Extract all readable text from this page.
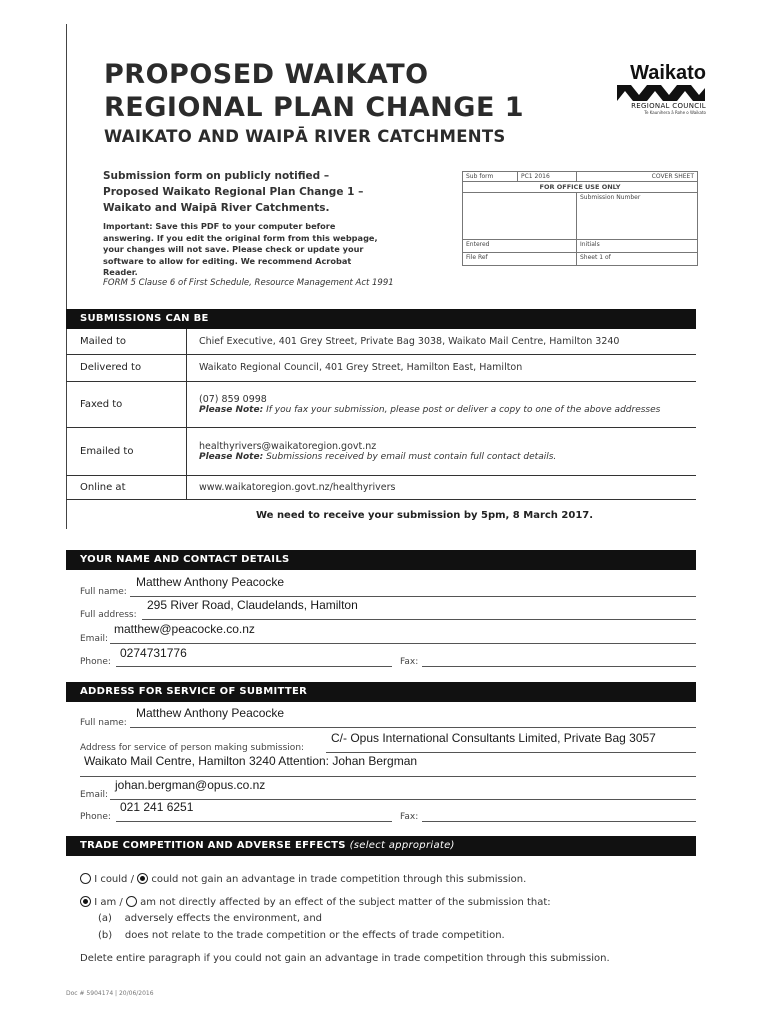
PROPOSED WAIKATO
REGIONAL PLAN CHANGE 1
WAIKATO AND WAIPĀ RIVER CATCHMENTS
Waikato
REGIONAL COUNCIL
Te Kaunihera ā Rohe o Waikato
Submission form on publicly notified – Proposed Waikato Regional Plan Change 1 – Waikato and Waipā River Catchments.
Important: Save this PDF to your computer before answering. If you edit the original form from this webpage, your changes will not save. Please check or update your software to allow for editing. We recommend Acrobat Reader.
FORM 5 Clause 6 of First Schedule, Resource Management Act 1991
Sub form	PC1 2016	COVER SHEET
FOR OFFICE USE ONLY		
		Submission Number
Entered		Initials
File Ref		Sheet 1 of
SUBMISSIONS CAN BE
Mailed to	Chief Executive, 401 Grey Street, Private Bag 3038, Waikato Mail Centre, Hamilton 3240
Delivered to	Waikato Regional Council, 401 Grey Street, Hamilton East, Hamilton
Faxed to	(07) 859 0998
Please Note: If you fax your submission, please post or deliver a copy to one of the above addresses

Emailed to	healthyrivers@waikatoregion.govt.nz
Please Note: Submissions received by email must contain full contact details.

Online at	www.waikatoregion.govt.nz/healthyrivers
We need to receive your submission by 5pm, 8 March 2017.
YOUR NAME AND CONTACT DETAILS
Full name:
Matthew Anthony Peacocke
Full address:
295 River Road, Claudelands, Hamilton
Email:
matthew@peacocke.co.nz
Phone:	Fax:
0274731776
ADDRESS FOR SERVICE OF SUBMITTER
Full name:
Matthew Anthony Peacocke
Address for service of person making submission:
C/- Opus International Consultants Limited, Private Bag 3057
Waikato Mail Centre, Hamilton 3240 Attention: Johan Bergman
Email:
johan.bergman@opus.co.nz
Phone:	Fax:
021 241 6251
TRADE COMPETITION AND ADVERSE EFFECTS (select appropriate)
I could / could not gain an advantage in trade competition through this submission.
I am / am not directly affected by an effect of the subject matter of the submission that:
(a) adversely effects the environment, and
(b) does not relate to the trade competition or the effects of trade competition.
Delete entire paragraph if you could not gain an advantage in trade competition through this submission.
Doc # 5904174 | 20/06/2016
